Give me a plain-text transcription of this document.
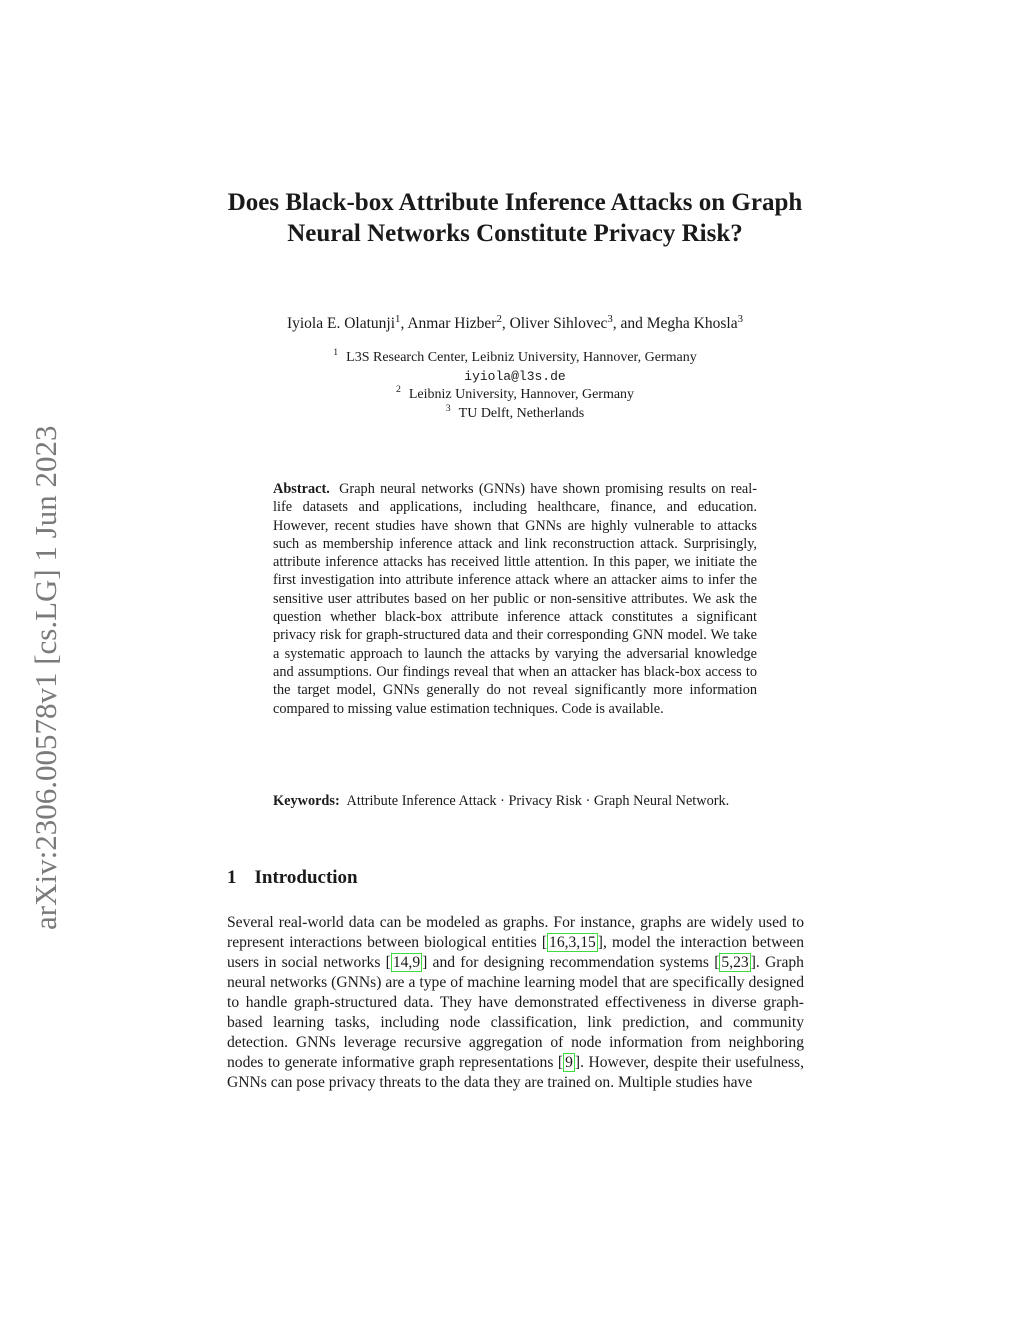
arXiv:2306.00578v1 [cs.LG] 1 Jun 2023
Does Black-box Attribute Inference Attacks on Graph Neural Networks Constitute Privacy Risk?
Iyiola E. Olatunji$^1$, Anmar Hizber$^2$, Oliver Sihlovec$^3$, and Megha Khosla$^3$
$^1$ L3S Research Center, Leibniz University, Hannover, Germany
iyiola@l3s.de
$^2$ Leibniz University, Hannover, Germany
$^3$ TU Delft, Netherlands
Abstract. Graph neural networks (GNNs) have shown promising results on real-life datasets and applications, including healthcare, finance, and education. However, recent studies have shown that GNNs are highly vulnerable to attacks such as membership inference attack and link reconstruction attack. Surprisingly, attribute inference attacks has received little attention. In this paper, we initiate the first investigation into attribute inference attack where an attacker aims to infer the sensitive user attributes based on her public or non-sensitive attributes. We ask the question whether black-box attribute inference attack constitutes a significant privacy risk for graph-structured data and their corresponding GNN model. We take a systematic approach to launch the attacks by varying the adversarial knowledge and assumptions. Our findings reveal that when an attacker has black-box access to the target model, GNNs generally do not reveal significantly more information compared to missing value estimation techniques. Code is available.
Keywords: Attribute Inference Attack · Privacy Risk · Graph Neural Network.
1 Introduction

Several real-world data can be modeled as graphs. For instance, graphs are widely used to represent interactions between biological entities [ 16,3,15 ], model the interaction between users in social networks [ 14,9 ] and for designing recommendation systems [ 5,23 ]. Graph neural networks (GNNs) are a type of machine learning model that are specifically designed to handle graph-structured data. They have demonstrated effectiveness in diverse graph-based learning tasks, including node classification, link prediction, and community detection. GNNs leverage recursive aggregation of node information from neighboring nodes to generate informative graph representations [ 9 ]. However, despite their usefulness, GNNs can pose privacy threats to the data they are trained on. Multiple studies have
